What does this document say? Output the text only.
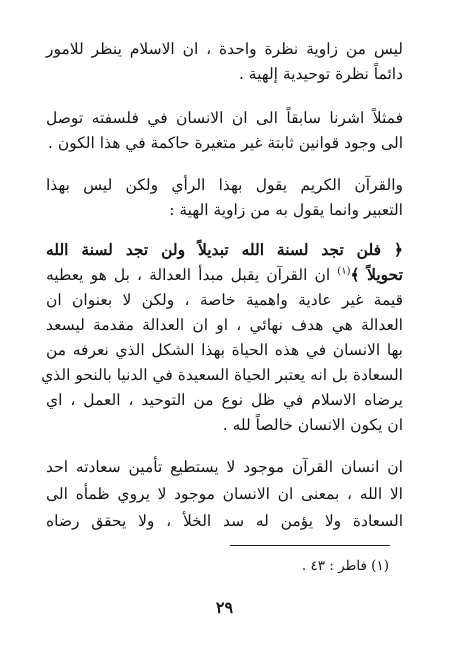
ليس من زاوية نظرة واحدة ، ان الاسلام ينظر للامور
دائماً نظرة توحيدية إلهية .
فمثلاً اشرنا سابقاً الى ان الانسان في فلسفته توصل
الى وجود قوانين ثابتة غير متغيرة حاكمة في هذا الكون .
والقرآن الكريم يقول بهذا الرأي ولكن ليس بهذا
التعبير وانما يقول به من زاوية الهية :
﴿ فلن تجد لسنة الله تبديلاً ولن تجد لسنة الله
تحويلاً ﴾$^{(١)}$ ان القرآن يقبل مبدأ العدالة ، بل هو يعطيه
قيمة غير عادية واهمية خاصة ، ولكن لا بعنوان ان
العدالة هي هدف نهائي ، او ان العدالة مقدمة ليسعد
بها الانسان في هذه الحياة بهذا الشكل الذي نعرفه من
السعادة بل انه يعتبر الحياة السعيدة في الدنيا بالنحو الذي
يرضاه الاسلام في ظل نوع من التوحيد ، العمل ، اي
ان يكون الانسان خالصاً لله .
ان انسان القرآن موجود لا يستطيع تأمين سعادته احد
الا الله ، بمعنى ان الانسان موجود لا يروي ظمأه الى
السعادة ولا يؤمن له سد الخلأ ، ولا يحقق رضاه
(١) فاطر : ٤٣ .
٢٩
